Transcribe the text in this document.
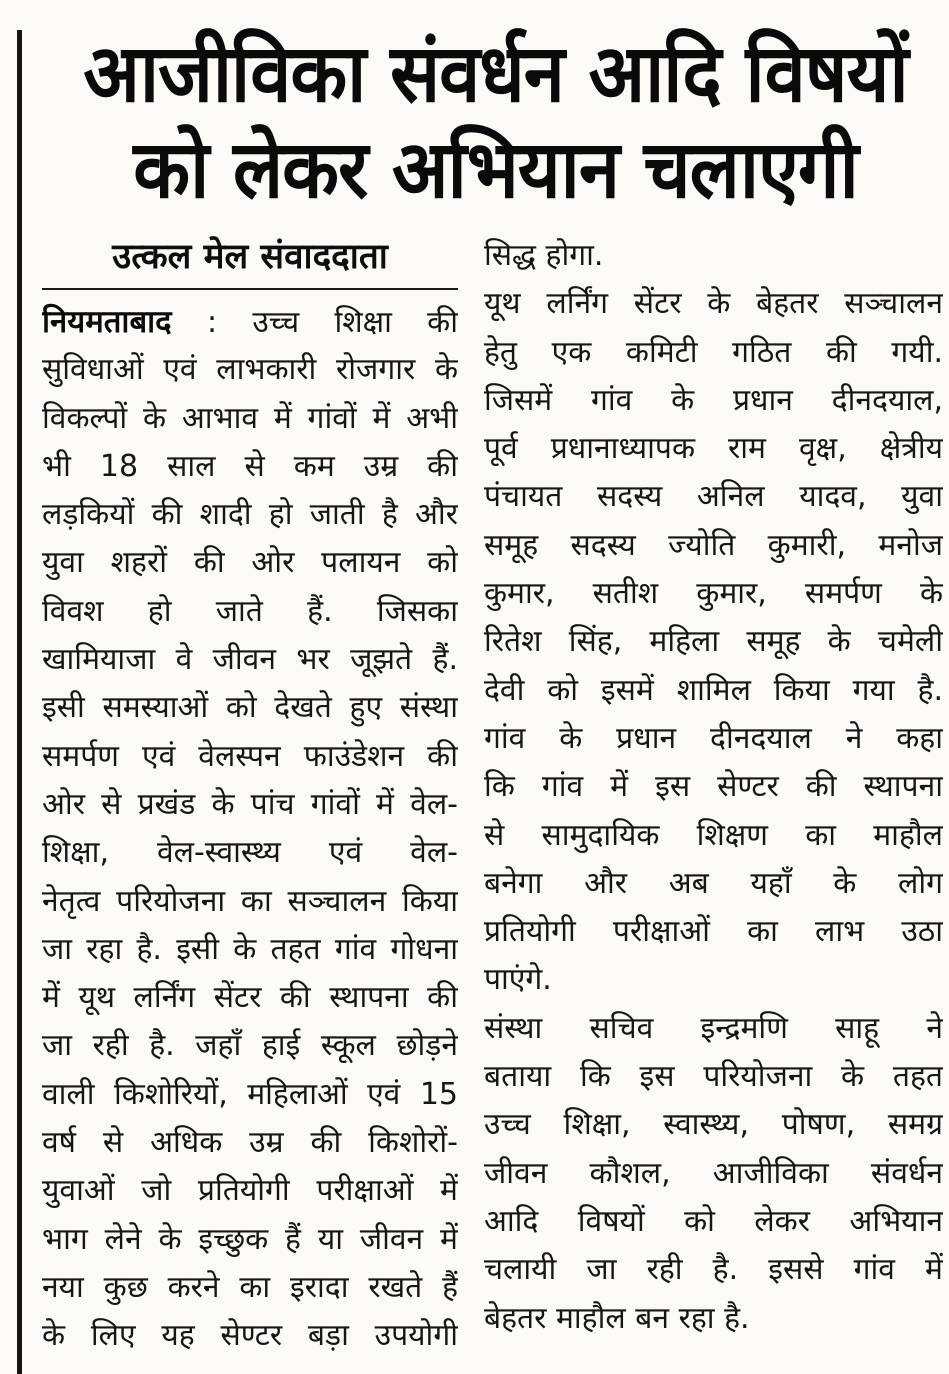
आजीविका संवर्धन आदि विषयों
को लेकर अभियान चलाएगी
उत्कल मेल संवाददाता
नियमताबाद : उच्च शिक्षा की
सुविधाओं एवं लाभकारी रोजगार के
विकल्पों के आभाव में गांवों में अभी
भी 18 साल से कम उम्र की
लड़कियों की शादी हो जाती है और
युवा शहरों की ओर पलायन को
विवश हो जाते हैं. जिसका
खामियाजा वे जीवन भर जूझते हैं.
इसी समस्याओं को देखते हुए संस्था
समर्पण एवं वेलस्पन फाउंडेशन की
ओर से प्रखंड के पांच गांवों में वेल-
शिक्षा, वेल-स्वास्थ्य एवं वेल-
नेतृत्व परियोजना का सञ्चालन किया
जा रहा है. इसी के तहत गांव गोधना
में यूथ लर्निंग सेंटर की स्थापना की
जा रही है. जहाँ हाई स्कूल छोड़ने
वाली किशोरियों, महिलाओं एवं 15
वर्ष से अधिक उम्र की किशोरों-
युवाओं जो प्रतियोगी परीक्षाओं में
भाग लेने के इच्छुक हैं या जीवन में
नया कुछ करने का इरादा रखते हैं
के लिए यह सेण्टर बड़ा उपयोगी
सिद्ध होगा.
यूथ लर्निंग सेंटर के बेहतर सञ्चालन
हेतु एक कमिटी गठित की गयी.
जिसमें गांव के प्रधान दीनदयाल,
पूर्व प्रधानाध्यापक राम वृक्ष, क्षेत्रीय
पंचायत सदस्य अनिल यादव, युवा
समूह सदस्य ज्योति कुमारी, मनोज
कुमार, सतीश कुमार, समर्पण के
रितेश सिंह, महिला समूह के चमेली
देवी को इसमें शामिल किया गया है.
गांव के प्रधान दीनदयाल ने कहा
कि गांव में इस सेण्टर की स्थापना
से सामुदायिक शिक्षण का माहौल
बनेगा और अब यहाँ के लोग
प्रतियोगी परीक्षाओं का लाभ उठा
पाएंगे.
संस्था सचिव इन्द्रमणि साहू ने
बताया कि इस परियोजना के तहत
उच्च शिक्षा, स्वास्थ्य, पोषण, समग्र
जीवन कौशल, आजीविका संवर्धन
आदि विषयों को लेकर अभियान
चलायी जा रही है. इससे गांव में
बेहतर माहौल बन रहा है.
